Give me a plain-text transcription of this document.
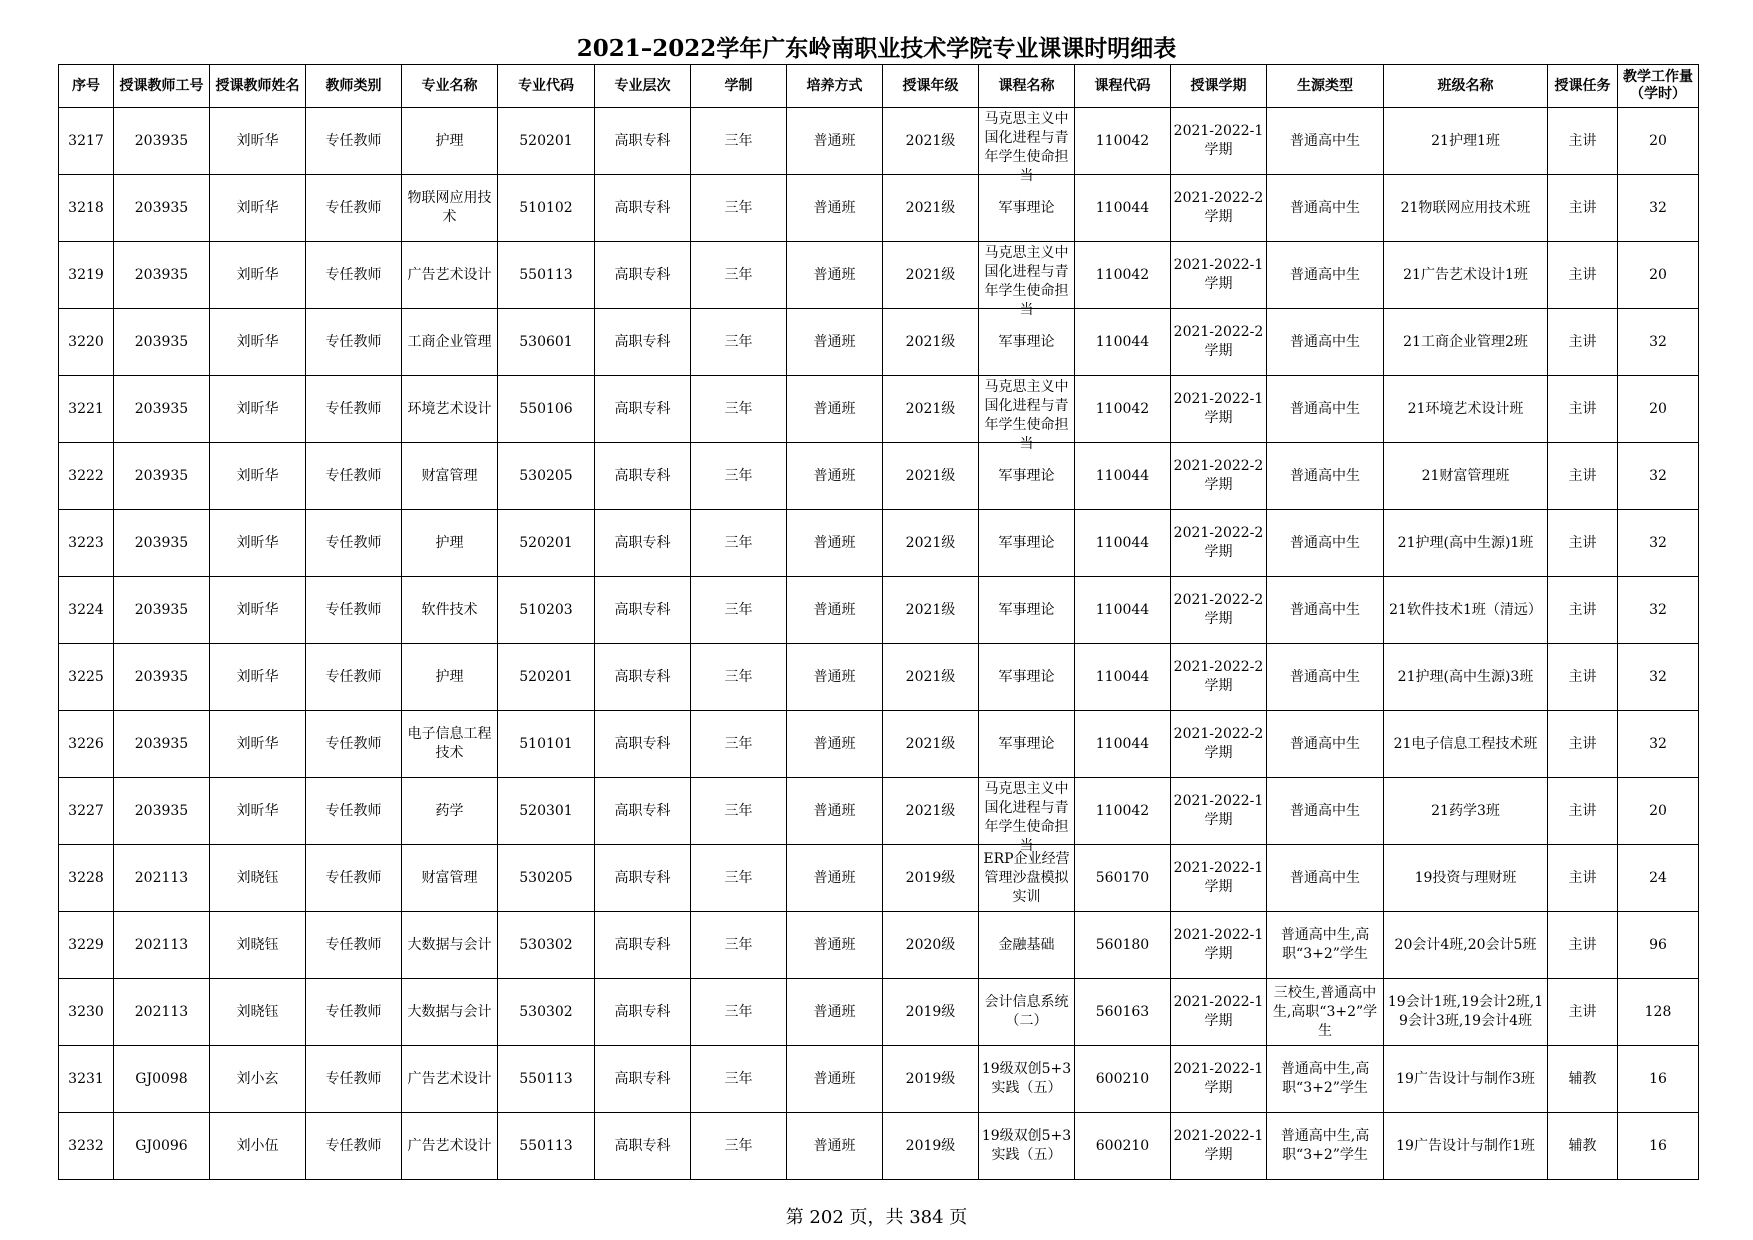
2021–2022学年广东岭南职业技术学院专业课课时明细表
序号	授课教师工号	授课教师姓名	教师类别	专业名称	专业代码	专业层次	学制	培养方式	授课年级	课程名称	课程代码	授课学期	生源类型	班级名称	授课任务	教学工作量（学时）

3217	203935	刘昕华	专任教师	护理	520201	高职专科	三年	普通班	2021级	马克思主义中国化进程与青年学生使命担当	110042	2021-2022-1学期	普通高中生	21护理1班	主讲	20

3218	203935	刘昕华	专任教师	物联网应用技术	510102	高职专科	三年	普通班	2021级	军事理论	110044	2021-2022-2学期	普通高中生	21物联网应用技术班	主讲	32

3219	203935	刘昕华	专任教师	广告艺术设计	550113	高职专科	三年	普通班	2021级	马克思主义中国化进程与青年学生使命担当	110042	2021-2022-1学期	普通高中生	21广告艺术设计1班	主讲	20

3220	203935	刘昕华	专任教师	工商企业管理	530601	高职专科	三年	普通班	2021级	军事理论	110044	2021-2022-2学期	普通高中生	21工商企业管理2班	主讲	32

3221	203935	刘昕华	专任教师	环境艺术设计	550106	高职专科	三年	普通班	2021级	马克思主义中国化进程与青年学生使命担当	110042	2021-2022-1学期	普通高中生	21环境艺术设计班	主讲	20

3222	203935	刘昕华	专任教师	财富管理	530205	高职专科	三年	普通班	2021级	军事理论	110044	2021-2022-2学期	普通高中生	21财富管理班	主讲	32

3223	203935	刘昕华	专任教师	护理	520201	高职专科	三年	普通班	2021级	军事理论	110044	2021-2022-2学期	普通高中生	21护理(高中生源)1班	主讲	32

3224	203935	刘昕华	专任教师	软件技术	510203	高职专科	三年	普通班	2021级	军事理论	110044	2021-2022-2学期	普通高中生	21软件技术1班（清远）	主讲	32

3225	203935	刘昕华	专任教师	护理	520201	高职专科	三年	普通班	2021级	军事理论	110044	2021-2022-2学期	普通高中生	21护理(高中生源)3班	主讲	32

3226	203935	刘昕华	专任教师	电子信息工程技术	510101	高职专科	三年	普通班	2021级	军事理论	110044	2021-2022-2学期	普通高中生	21电子信息工程技术班	主讲	32

3227	203935	刘昕华	专任教师	药学	520301	高职专科	三年	普通班	2021级	马克思主义中国化进程与青年学生使命担当	110042	2021-2022-1学期	普通高中生	21药学3班	主讲	20

3228	202113	刘晓钰	专任教师	财富管理	530205	高职专科	三年	普通班	2019级	ERP企业经营管理沙盘模拟实训	560170	2021-2022-1学期	普通高中生	19投资与理财班	主讲	24

3229	202113	刘晓钰	专任教师	大数据与会计	530302	高职专科	三年	普通班	2020级	金融基础	560180	2021-2022-1学期	普通高中生,高职“3+2”学生	20会计4班,20会计5班	主讲	96

3230	202113	刘晓钰	专任教师	大数据与会计	530302	高职专科	三年	普通班	2019级	会计信息系统（二）	560163	2021-2022-1学期	三校生,普通高中生,高职“3+2”学生	19会计1班,19会计2班,19会计3班,19会计4班	主讲	128

3231	GJ0098	刘小玄	专任教师	广告艺术设计	550113	高职专科	三年	普通班	2019级	19级双创5+3实践（五）	600210	2021-2022-1学期	普通高中生,高职“3+2”学生	19广告设计与制作3班	辅教	16

3232	GJ0096	刘小伍	专任教师	广告艺术设计	550113	高职专科	三年	普通班	2019级	19级双创5+3实践（五）	600210	2021-2022-1学期	普通高中生,高职“3+2”学生	19广告设计与制作1班	辅教	16
第 202 页，共 384 页
